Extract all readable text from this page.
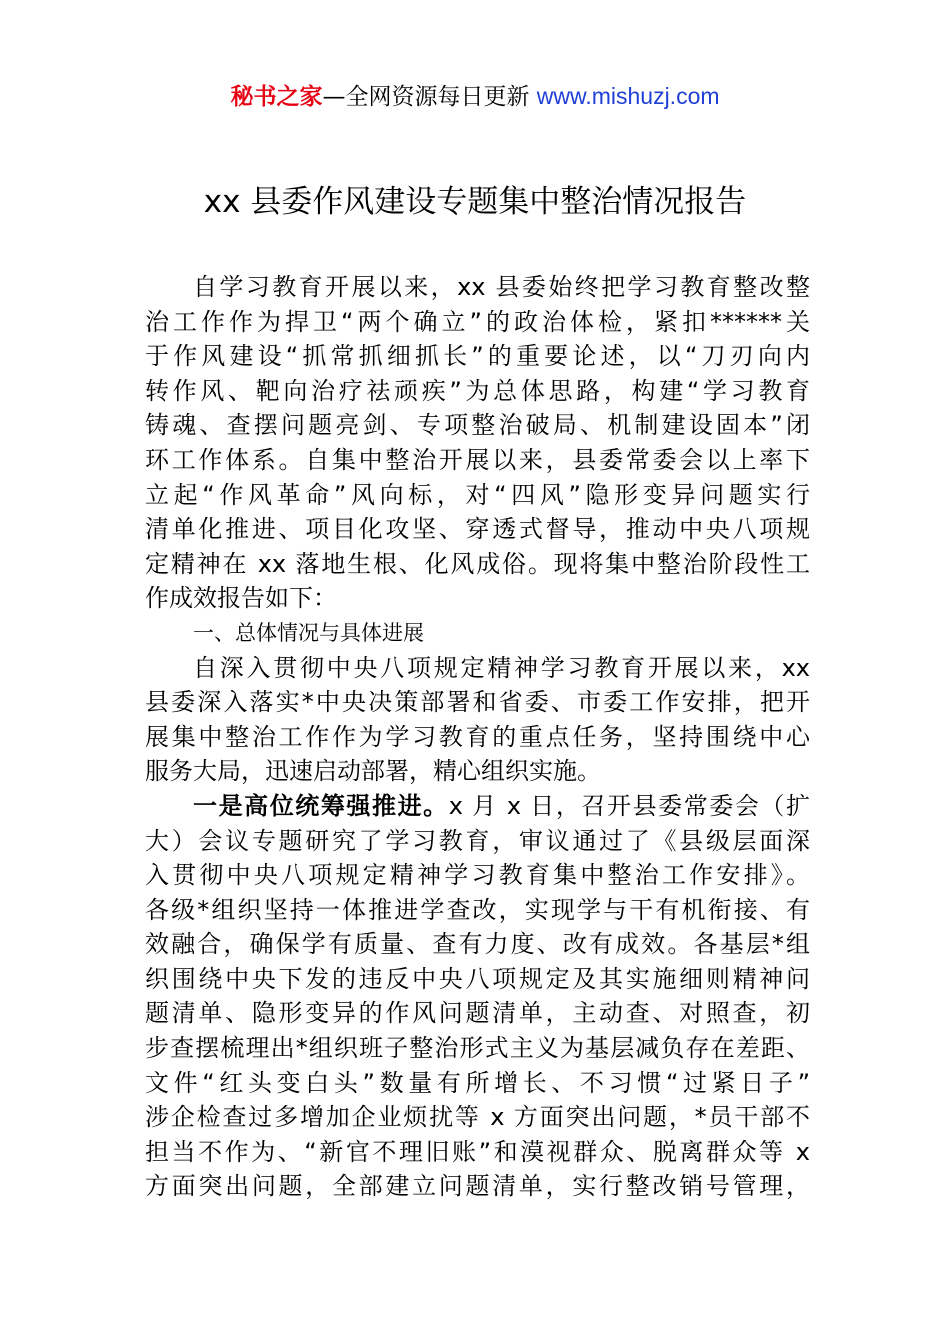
秘书之家—全网资源每日更新 www.mishuzj.com
xx 县委作风建设专题集中整治情况报告
自学习教育开展以来，xx 县委始终把学习教育整改整
治工作作为捍卫“两个确立”的政治体检，紧扣******关
于作风建设“抓常抓细抓长”的重要论述，以“刀刃向内
转作风、靶向治疗祛顽疾”为总体思路，构建“学习教育
铸魂、查摆问题亮剑、专项整治破局、机制建设固本”闭
环工作体系。自集中整治开展以来，县委常委会以上率下
立起“作风革命”风向标，对“四风”隐形变异问题实行
清单化推进、项目化攻坚、穿透式督导，推动中央八项规
定精神在 xx 落地生根、化风成俗。现将集中整治阶段性工
作成效报告如下：
一、总体情况与具体进展
自深入贯彻中央八项规定精神学习教育开展以来，xx
县委深入落实*中央决策部署和省委、市委工作安排，把开
展集中整治工作作为学习教育的重点任务，坚持围绕中心
服务大局，迅速启动部署，精心组织实施。
一是高位统筹强推进。x 月 x 日，召开县委常委会（扩
大）会议专题研究了学习教育，审议通过了《县级层面深
入贯彻中央八项规定精神学习教育集中整治工作安排》。
各级*组织坚持一体推进学查改，实现学与干有机衔接、有
效融合，确保学有质量、查有力度、改有成效。各基层*组
织围绕中央下发的违反中央八项规定及其实施细则精神问
题清单、隐形变异的作风问题清单，主动查、对照查，初
步查摆梳理出*组织班子整治形式主义为基层减负存在差距、
文件“红头变白头”数量有所增长、不习惯“过紧日子”
涉企检查过多增加企业烦扰等 x 方面突出问题，*员干部不
担当不作为、“新官不理旧账”和漠视群众、脱离群众等 x
方面突出问题，全部建立问题清单，实行整改销号管理，
